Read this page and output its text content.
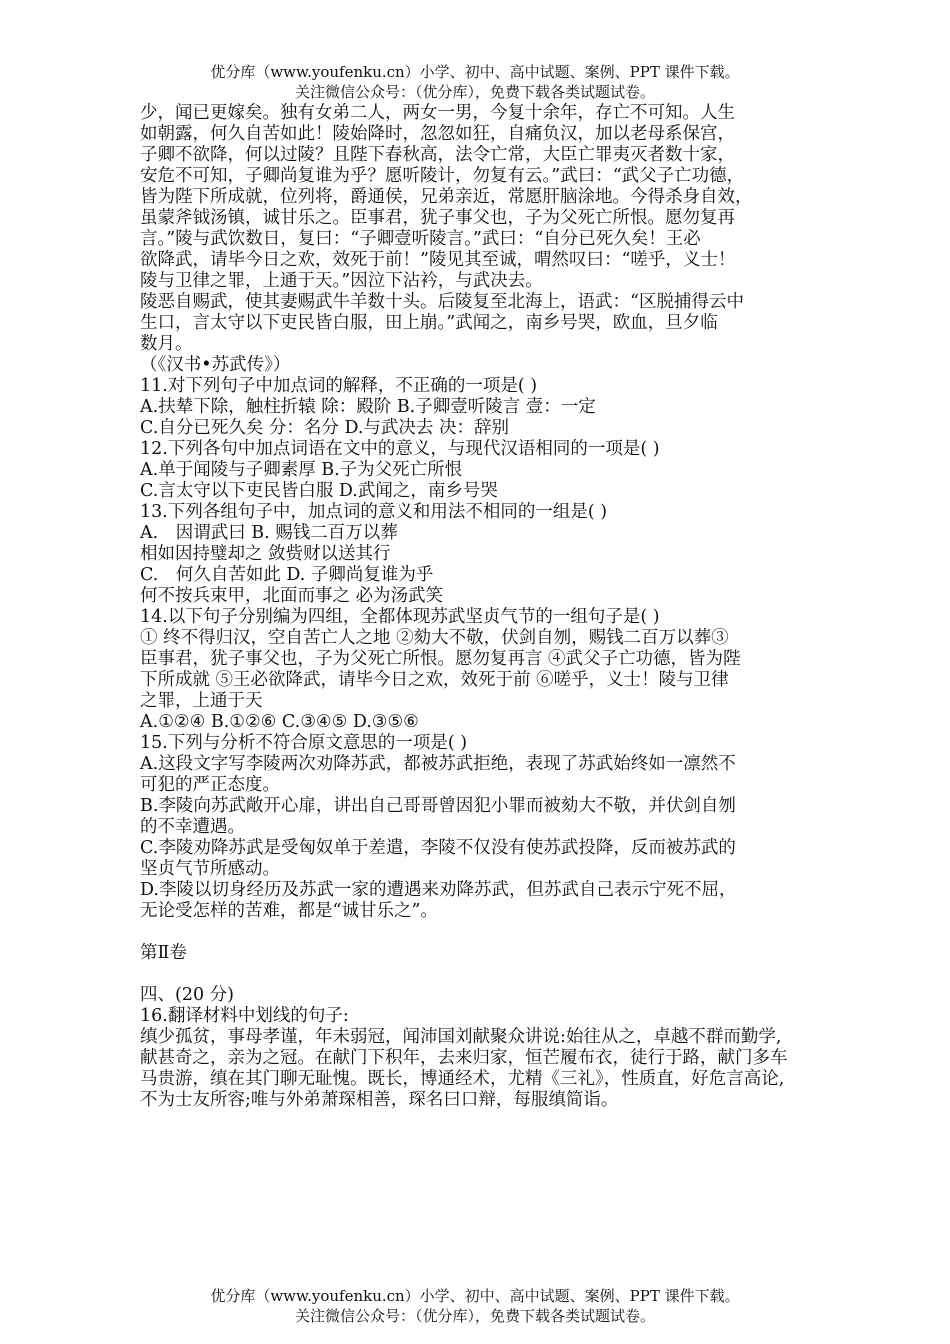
优分库（www.youfenku.cn）小学、初中、高中试题、案例、PPT 课件下载。
关注微信公众号：（优分库），免费下载各类试题试卷。
少，闻已更嫁矣。独有女弟二人，两女一男，今复十余年，存亡不可知。人生
如朝露，何久自苦如此！陵始降时，忽忽如狂，自痛负汉，加以老母系保宫，
子卿不欲降，何以过陵？且陛下春秋高，法令亡常，大臣亡罪夷灭者数十家，
安危不可知，子卿尚复谁为乎？愿听陵计，勿复有云。”武曰：“武父子亡功德，
皆为陛下所成就，位列将，爵通侯，兄弟亲近，常愿肝脑涂地。今得杀身自效，
虽蒙斧钺汤镇，诚甘乐之。臣事君，犹子事父也，子为父死亡所恨。愿勿复再
言。”陵与武饮数日，复曰：“子卿壹听陵言。”武曰：“自分已死久矣！王必
欲降武，请毕今日之欢，效死于前！”陵见其至诚，喟然叹曰：“嗟乎，义士！
陵与卫律之罪，上通于天。”因泣下沾衿，与武决去。
陵恶自赐武，使其妻赐武牛羊数十头。后陵复至北海上，语武：“区脱捕得云中
生口，言太守以下吏民皆白服，田上崩。”武闻之，南乡号哭，欧血，旦夕临
数月。
（《汉书•苏武传》）
11.对下列句子中加点词的解释，不正确的一项是( )
A.扶辇下除，触柱折辕 除：殿阶 B.子卿壹听陵言 壹：一定
C.自分已死久矣 分：名分 D.与武决去 决：辞别
12.下列各句中加点词语在文中的意义，与现代汉语相同的一项是( )
A.单于闻陵与子卿素厚 B.子为父死亡所恨
C.言太守以下吏民皆白服 D.武闻之，南乡号哭
13.下列各组句子中，加点词的意义和用法不相同的一组是( )
A.　因谓武曰 B. 赐钱二百万以葬
相如因持璧却之 敛赀财以送其行
C.　何久自苦如此 D. 子卿尚复谁为乎
何不按兵束甲，北面而事之 必为汤武笑
14.以下句子分别编为四组，全都体现苏武坚贞气节的一组句子是( )
① 终不得归汉，空自苦亡人之地 ②劾大不敬，伏剑自刎，赐钱二百万以葬③
臣事君，犹子事父也，子为父死亡所恨。愿勿复再言 ④武父子亡功德，皆为陛
下所成就 ⑤王必欲降武，请毕今日之欢，效死于前 ⑥嗟乎，义士！陵与卫律
之罪，上通于天
A.①②④ B.①②⑥ C.③④⑤ D.③⑤⑥
15.下列与分析不符合原文意思的一项是( )
A.这段文字写李陵两次劝降苏武，都被苏武拒绝，表现了苏武始终如一凛然不
可犯的严正态度。
B.李陵向苏武敞开心扉，讲出自己哥哥曾因犯小罪而被劾大不敬，并伏剑自刎
的不幸遭遇。
C.李陵劝降苏武是受匈奴单于差遣，李陵不仅没有使苏武投降，反而被苏武的
坚贞气节所感动。
D.李陵以切身经历及苏武一家的遭遇来劝降苏武，但苏武自己表示宁死不屈，
无论受怎样的苦难，都是“诚甘乐之”。
第Ⅱ卷
四、(20 分)
16.翻译材料中划线的句子:
缜少孤贫，事母孝谨，年未弱冠，闻沛国刘献聚众讲说:始往从之，卓越不群而勤学,
献甚奇之，亲为之冠。在献门下积年，去来归家，恒芒履布衣，徒行于路，献门多车
马贵游，缜在其门聊无耻愧。既长，博通经术，尤精《三礼》，性质直，好危言高论,
不为士友所容;唯与外弟萧琛相善，琛名曰口辩，每服缜简诣。
优分库（www.youfenku.cn）小学、初中、高中试题、案例、PPT 课件下载。
关注微信公众号：（优分库），免费下载各类试题试卷。
